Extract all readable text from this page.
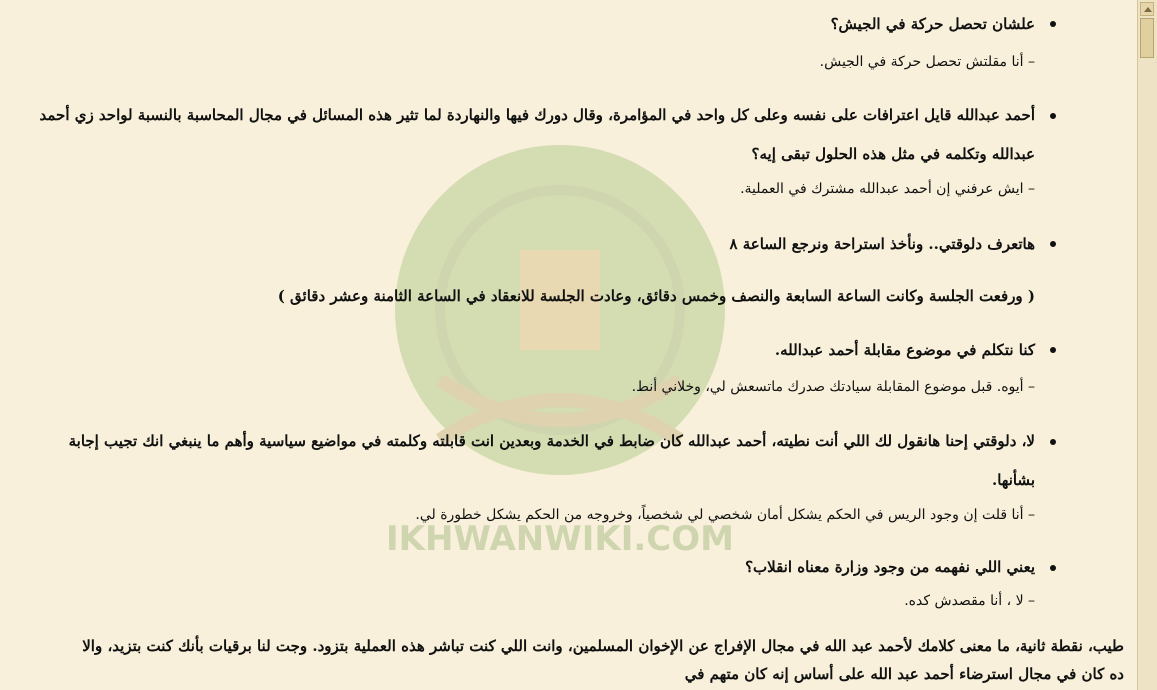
IKHWANWIKI.COM
علشان تحصل حركة في الجيش؟
– أنا مقلتش تحصل حركة في الجيش.
أحمد عبدالله قايل اعترافات على نفسه وعلى كل واحد في المؤامرة، وقال دورك فيها والنهاردة لما تثير هذه المسائل في مجال المحاسبة بالنسبة لواحد زي أحمد
عبدالله وتكلمه في مثل هذه الحلول تبقى إيه؟
– ايش عرفني إن أحمد عبدالله مشترك في العملية.
هاتعرف دلوقتي.. ونأخذ استراحة ونرجع الساعة ٨
( ورفعت الجلسة وكانت الساعة السابعة والنصف وخمس دقائق، وعادت الجلسة للانعقاد في الساعة الثامنة وعشر دقائق )
كنا نتكلم في موضوع مقابلة أحمد عبدالله.
– أيوه. قبل موضوع المقابلة سيادتك صدرك ماتسعش لي، وخلاني أنط.
لا، دلوقتي إحنا هانقول لك اللي أنت نطيته، أحمد عبدالله كان ضابط في الخدمة وبعدين انت قابلته وكلمته في مواضيع سياسية وأهم ما ينبغي انك تجيب إجابة
بشأنها.
– أنا قلت إن وجود الريس في الحكم يشكل أمان شخصي لي شخصياً، وخروجه من الحكم يشكل خطورة لي.
يعني اللي نفهمه من وجود وزارة معناه انقلاب؟
– لا ، أنا مقصدش كده.
طيب، نقطة ثانية، ما معنى كلامك لأحمد عبد الله في مجال الإفراج عن الإخوان المسلمين، وانت اللي كنت تباشر هذه العملية بتزود. وجت لنا برقيات بأنك كنت بتزيد، والا
ده كان في مجال استرضاء أحمد عبد الله على أساس إنه كان متهم في
